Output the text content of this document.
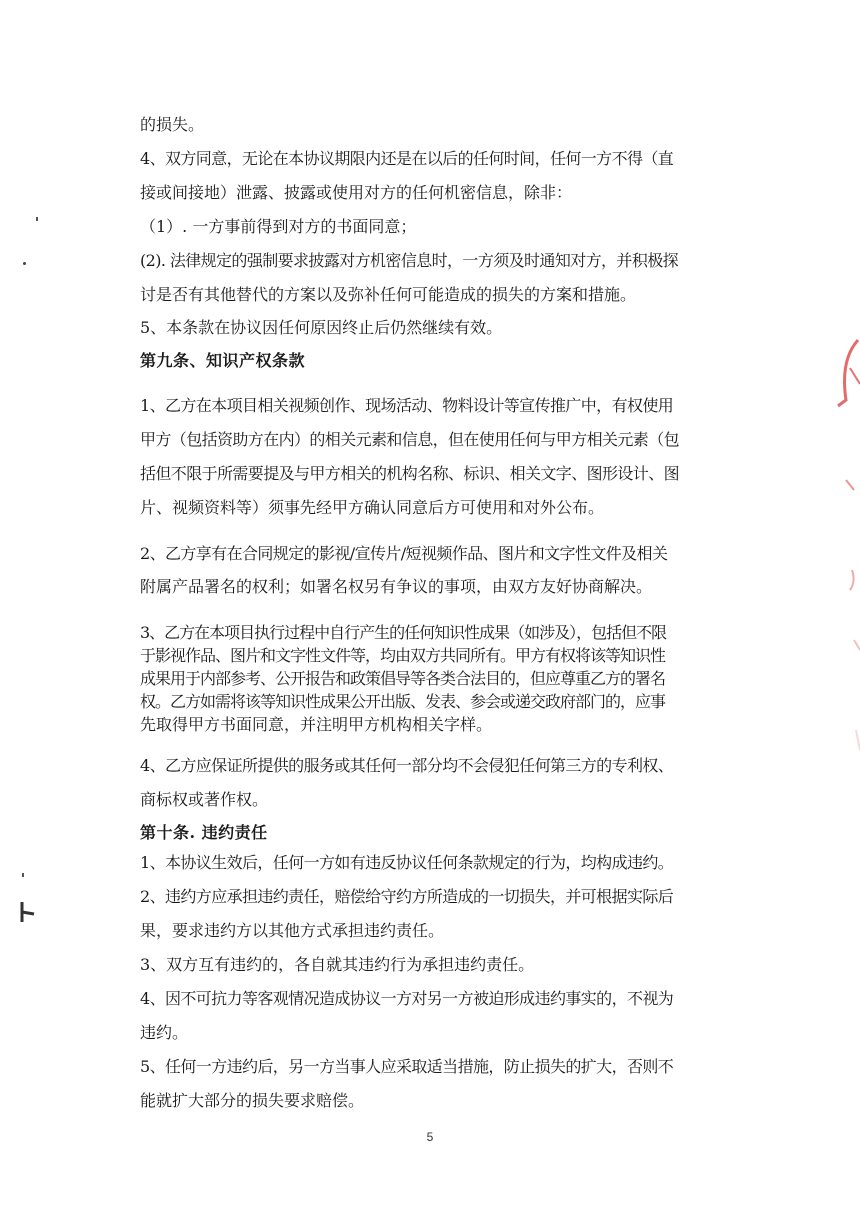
的损失。
4、双方同意，无论在本协议期限内还是在以后的任何时间，任何一方不得（直
接或间接地）泄露、披露或使用对方的任何机密信息，除非：
（1）. 一方事前得到对方的书面同意；
(2). 法律规定的强制要求披露对方机密信息时，一方须及时通知对方，并积极探
讨是否有其他替代的方案以及弥补任何可能造成的损失的方案和措施。
5、本条款在协议因任何原因终止后仍然继续有效。
第九条、知识产权条款
1、乙方在本项目相关视频创作、现场活动、物料设计等宣传推广中，有权使用
甲方（包括资助方在内）的相关元素和信息，但在使用任何与甲方相关元素（包
括但不限于所需要提及与甲方相关的机构名称、标识、相关文字、图形设计、图
片、视频资料等）须事先经甲方确认同意后方可使用和对外公布。
2、乙方享有在合同规定的影视/宣传片/短视频作品、图片和文字性文件及相关
附属产品署名的权利；如署名权另有争议的事项，由双方友好协商解决。
3、乙方在本项目执行过程中自行产生的任何知识性成果（如涉及），包括但不限
于影视作品、图片和文字性文件等，均由双方共同所有。甲方有权将该等知识性
成果用于内部参考、公开报告和政策倡导等各类合法目的，但应尊重乙方的署名
权。乙方如需将该等知识性成果公开出版、发表、参会或递交政府部门的，应事
先取得甲方书面同意，并注明甲方机构相关字样。
4、乙方应保证所提供的服务或其任何一部分均不会侵犯任何第三方的专利权、
商标权或著作权。
第十条. 违约责任
1、本协议生效后，任何一方如有违反协议任何条款规定的行为，均构成违约。
2、违约方应承担违约责任，赔偿给守约方所造成的一切损失，并可根据实际后
果，要求违约方以其他方式承担违约责任。
3、双方互有违约的，各自就其违约行为承担违约责任。
4、因不可抗力等客观情况造成协议一方对另一方被迫形成违约事实的，不视为
违约。
5、任何一方违约后，另一方当事人应采取适当措施，防止损失的扩大，否则不
能就扩大部分的损失要求赔偿。
5
